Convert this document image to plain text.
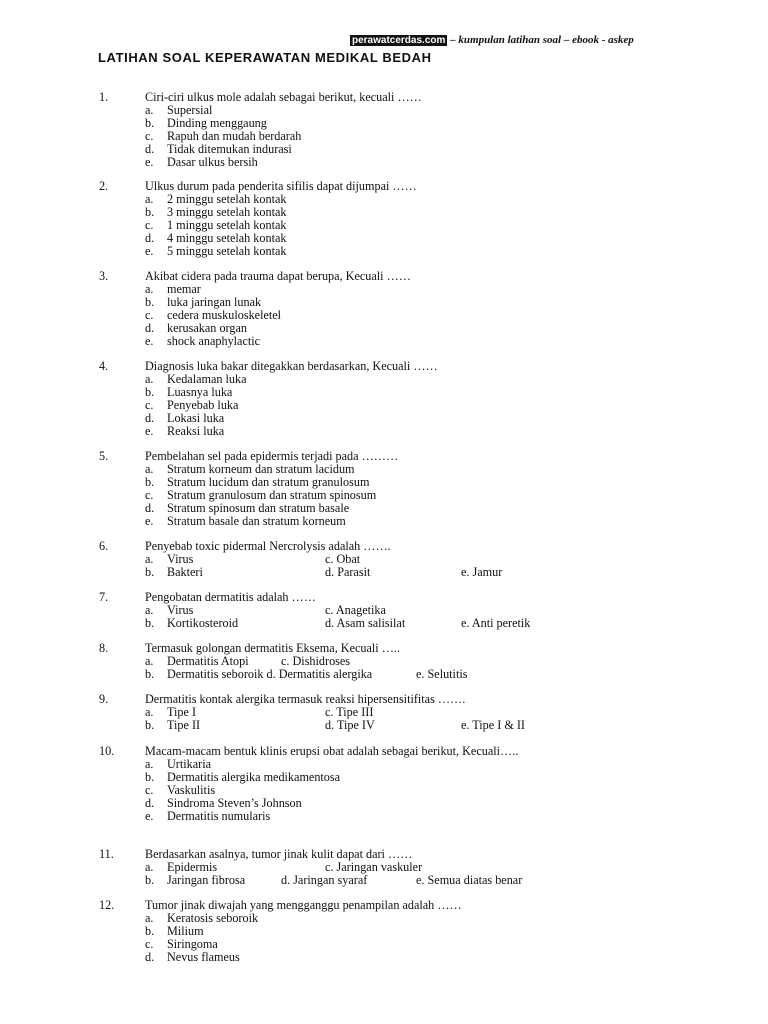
perawatcerdas.com – kumpulan latihan soal – ebook - askep
LATIHAN SOAL KEPERAWATAN MEDIKAL BEDAH
1.	Ciri-ciri ulkus mole adalah sebagai berikut, kecuali ……
a. Supersial
b. Dinding menggaung
c. Rapuh dan mudah berdarah
d. Tidak ditemukan indurasi
e. Dasar ulkus bersih
2.	Ulkus durum pada penderita sifilis dapat dijumpai ……
a. 2 minggu setelah kontak
b. 3 minggu setelah kontak
c. 1 minggu setelah kontak
d. 4 minggu setelah kontak
e. 5 minggu setelah kontak
3.	Akibat cidera pada trauma dapat berupa, Kecuali ……
a. memar
b. luka jaringan lunak
c. cedera muskuloskeletel
d. kerusakan organ
e. shock anaphylactic
4.	Diagnosis luka bakar ditegakkan berdasarkan, Kecuali ……
a. Kedalaman luka
b. Luasnya luka
c. Penyebab luka
d. Lokasi luka
e. Reaksi luka
5.	Pembelahan sel pada epidermis terjadi pada ………
a. Stratum korneum dan stratum lacidum
b. Stratum lucidum dan stratum granulosum
c. Stratum granulosum dan stratum spinosum
d. Stratum spinosum dan stratum basale
e. Stratum basale dan stratum korneum
6.	Penyebab toxic pidermal Nercrolysis adalah …….
a. Virus	c. Obat
b. Bakteri	d. Parasit	e. Jamur
7.	Pengobatan dermatitis adalah ……
a. Virus	c. Anagetika
b. Kortikosteroid	d. Asam salisilat	e. Anti peretik
8.	Termasuk golongan dermatitis Eksema, Kecuali …..
a. Dermatitis Atopi	c. Dishidroses
b. Dermatitis seboroik d. Dermatitis alergika	e. Selutitis
9.	Dermatitis kontak alergika termasuk reaksi hipersensitifitas …….
a. Tipe I	c. Tipe III
b. Tipe II	d. Tipe IV	e. Tipe I & II
10.	Macam-macam bentuk klinis erupsi obat adalah sebagai berikut, Kecuali…..
a. Urtikaria
b. Dermatitis alergika medikamentosa
c. Vaskulitis
d. Sindroma Steven’s Johnson
e. Dermatitis numularis
11.	Berdasarkan asalnya, tumor jinak kulit dapat dari ……
a. Epidermis	c. Jaringan vaskuler
b. Jaringan fibrosa	d. Jaringan syaraf	e. Semua diatas benar
12.	Tumor jinak diwajah yang mengganggu penampilan adalah ……
a. Keratosis seboroik
b. Milium
c. Siringoma
d. Nevus flameus
